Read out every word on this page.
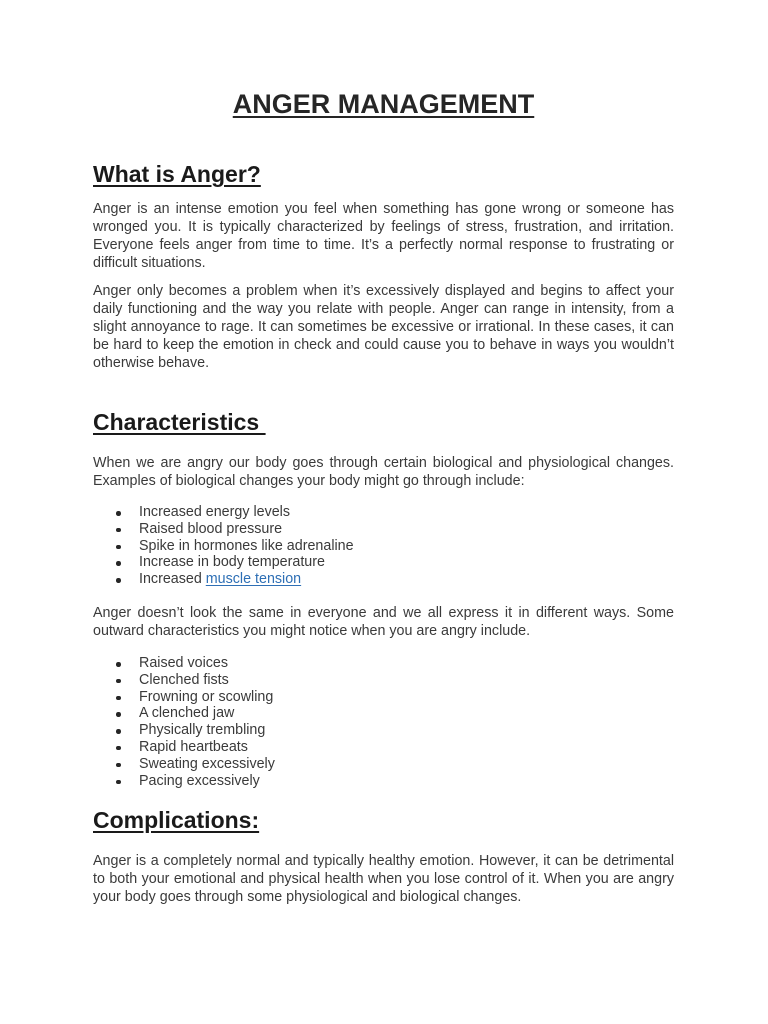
ANGER MANAGEMENT
What is Anger?

Anger is an intense emotion you feel when something has gone wrong or someone has wronged you. It is typically characterized by feelings of stress, frustration, and irritation. Everyone feels anger from time to time. It’s a perfectly normal response to frustrating or difficult situations.

Anger only becomes a problem when it’s excessively displayed and begins to affect your daily functioning and the way you relate with people. Anger can range in intensity, from a slight annoyance to rage. It can sometimes be excessive or irrational. In these cases, it can be hard to keep the emotion in check and could cause you to behave in ways you wouldn’t otherwise behave.

Characteristics

When we are angry our body goes through certain biological and physiological changes. Examples of biological changes your body might go through include:

Increased energy levels
Raised blood pressure
Spike in hormones like adrenaline
Increase in body temperature
Increased muscle tension

Anger doesn’t look the same in everyone and we all express it in different ways. Some outward characteristics you might notice when you are angry include.

Raised voices
Clenched fists
Frowning or scowling
A clenched jaw
Physically trembling
Rapid heartbeats
Sweating excessively
Pacing excessively
Complications:

Anger is a completely normal and typically healthy emotion. However, it can be detrimental to both your emotional and physical health when you lose control of it. When you are angry your body goes through some physiological and biological changes.
